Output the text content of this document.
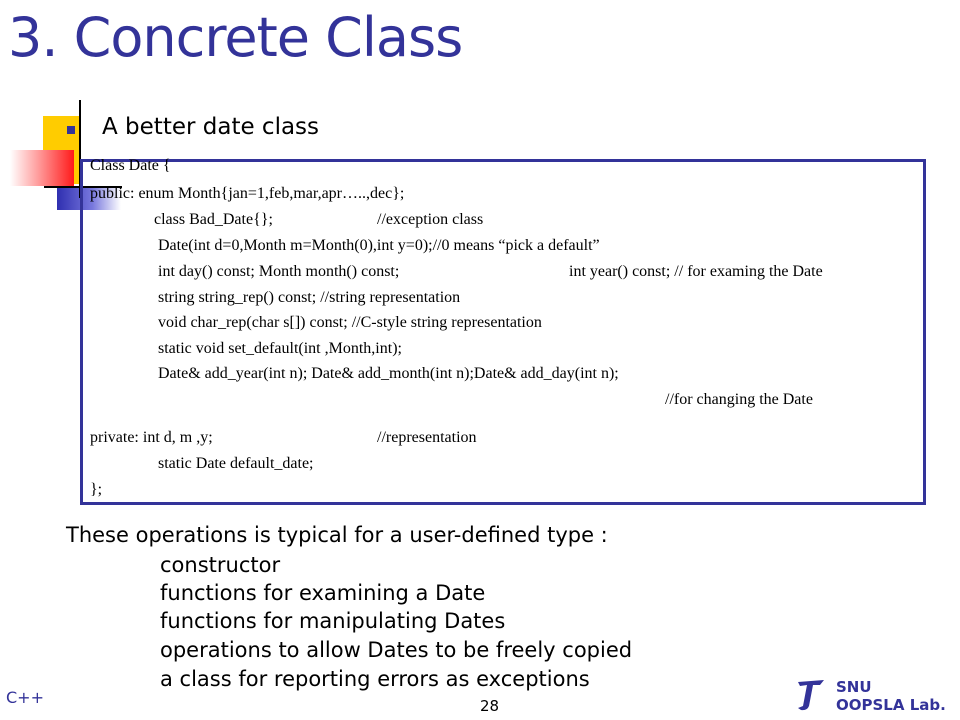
3. Concrete Class
A better date class
Class Date {
public: enum Month{jan=1,feb,mar,apr…..,dec};
class Bad_Date{};	//exception class
Date(int d=0,Month m=Month(0),int y=0);//0 means “pick a default”
int day() const; Month month() const;	int year() const; // for examing the Date
string string_rep() const; //string representation
void char_rep(char s[]) const; //C-style string representation
static void set_default(int ,Month,int);
Date& add_year(int n); Date& add_month(int n);Date& add_day(int n);
//for changing the Date
private: int d, m ,y;	//representation
static Date default_date;
};
These operations is typical for a user-defined type :
constructor
functions for examining a Date
functions for manipulating Dates
operations to allow Dates to be freely copied
a class for reporting errors as exceptions
C++	28
SNU
OOPSLA Lab.
